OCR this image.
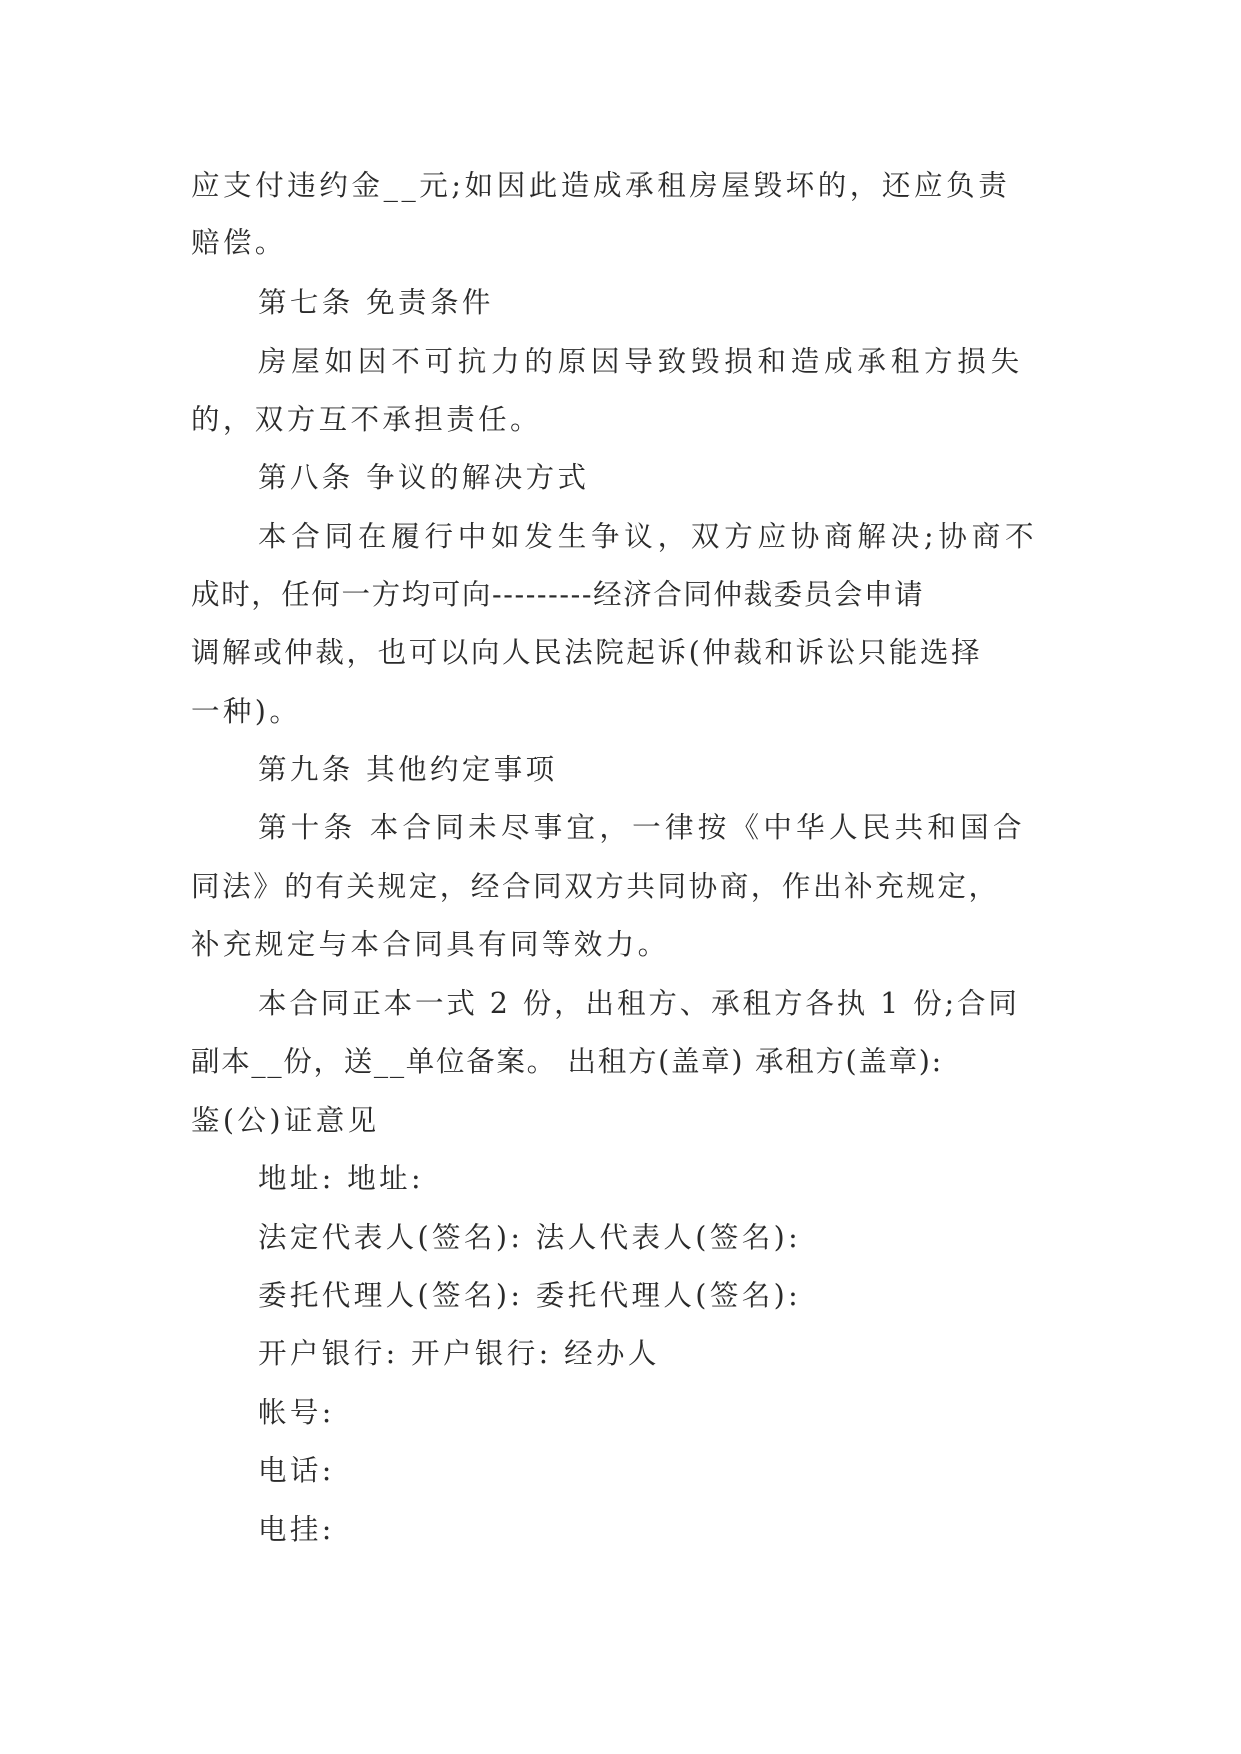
应支付违约金__元;如因此造成承租房屋毁坏的，还应负责
赔偿。
第七条 免责条件
房屋如因不可抗力的原因导致毁损和造成承租方损失
的，双方互不承担责任。
第八条 争议的解决方式
本合同在履行中如发生争议，双方应协商解决;协商不
成时，任何一方均可向---------经济合同仲裁委员会申请
调解或仲裁，也可以向人民法院起诉(仲裁和诉讼只能选择
一种)。
第九条 其他约定事项
第十条 本合同未尽事宜，一律按《中华人民共和国合
同法》的有关规定，经合同双方共同协商，作出补充规定，
补充规定与本合同具有同等效力。
本合同正本一式 2 份，出租方、承租方各执 1 份;合同
副本__份，送__单位备案。 出租方(盖章) 承租方(盖章):
鉴(公)证意见
地址: 地址:
法定代表人(签名): 法人代表人(签名):
委托代理人(签名): 委托代理人(签名):
开户银行: 开户银行: 经办人
帐号:
电话:
电挂:
